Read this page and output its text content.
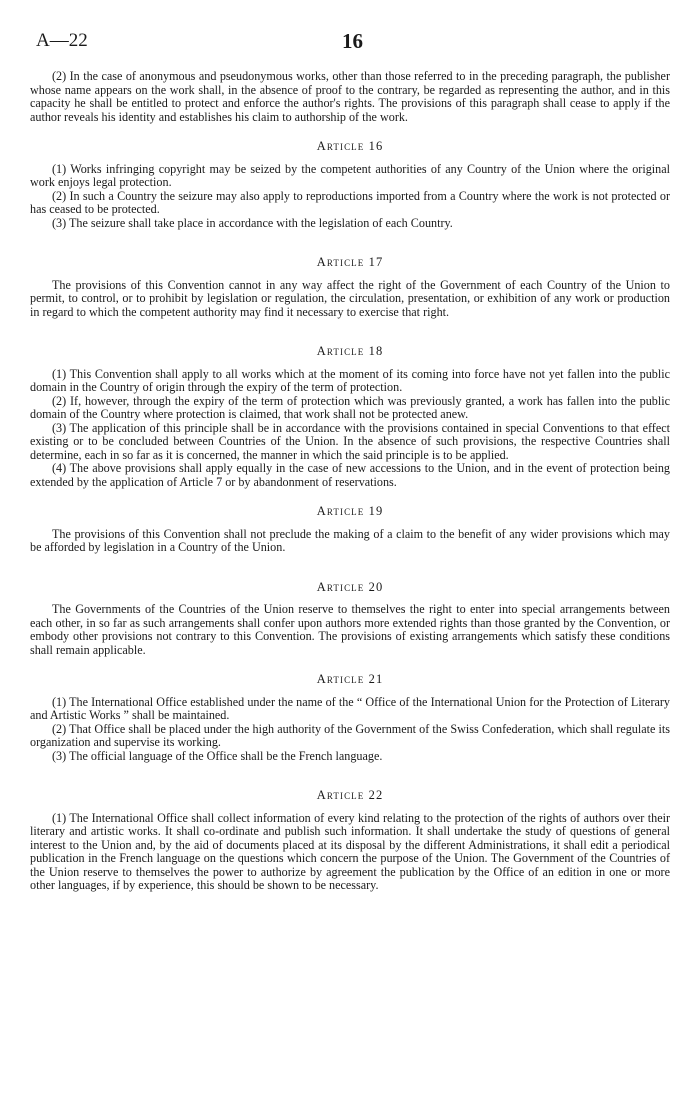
A—22	16

(2) In the case of anonymous and pseudonymous works, other than those referred to in the preceding paragraph, the publisher whose name appears on the work shall, in the absence of proof to the contrary, be regarded as representing the author, and in this capacity he shall be entitled to protect and enforce the author's rights. The provisions of this paragraph shall cease to apply if the author reveals his identity and establishes his claim to authorship of the work.

Article 16

(1) Works infringing copyright may be seized by the competent authorities of any Country of the Union where the original work enjoys legal protection.

(2) In such a Country the seizure may also apply to reproductions imported from a Country where the work is not protected or has ceased to be protected.

(3) The seizure shall take place in accordance with the legislation of each Country.

Article 17

The provisions of this Convention cannot in any way affect the right of the Government of each Country of the Union to permit, to control, or to prohibit by legislation or regulation, the circulation, presentation, or exhibition of any work or production in regard to which the competent authority may find it necessary to exercise that right.

Article 18

(1) This Convention shall apply to all works which at the moment of its coming into force have not yet fallen into the public domain in the Country of origin through the expiry of the term of protection.

(2) If, however, through the expiry of the term of protection which was previously granted, a work has fallen into the public domain of the Country where protection is claimed, that work shall not be protected anew.

(3) The application of this principle shall be in accordance with the provisions contained in special Conventions to that effect existing or to be concluded between Countries of the Union. In the absence of such provisions, the respective Countries shall determine, each in so far as it is concerned, the manner in which the said principle is to be applied.

(4) The above provisions shall apply equally in the case of new accessions to the Union, and in the event of protection being extended by the application of Article 7 or by abandonment of reservations.

Article 19

The provisions of this Convention shall not preclude the making of a claim to the benefit of any wider provisions which may be afforded by legislation in a Country of the Union.

Article 20

The Governments of the Countries of the Union reserve to themselves the right to enter into special arrangements between each other, in so far as such arrangements shall confer upon authors more extended rights than those granted by the Convention, or embody other provisions not contrary to this Convention. The provisions of existing arrangements which satisfy these conditions shall remain applicable.

Article 21

(1) The International Office established under the name of the “ Office of the International Union for the Protection of Literary and Artistic Works ” shall be maintained.

(2) That Office shall be placed under the high authority of the Government of the Swiss Confederation, which shall regulate its organization and supervise its working.

(3) The official language of the Office shall be the French language.

Article 22

(1) The International Office shall collect information of every kind relating to the protection of the rights of authors over their literary and artistic works. It shall co-ordinate and publish such information. It shall undertake the study of questions of general interest to the Union and, by the aid of documents placed at its disposal by the different Administrations, it shall edit a periodical publication in the French language on the questions which concern the purpose of the Union. The Government of the Countries of the Union reserve to themselves the power to authorize by agreement the publication by the Office of an edition in one or more other languages, if by experience, this should be shown to be necessary.
